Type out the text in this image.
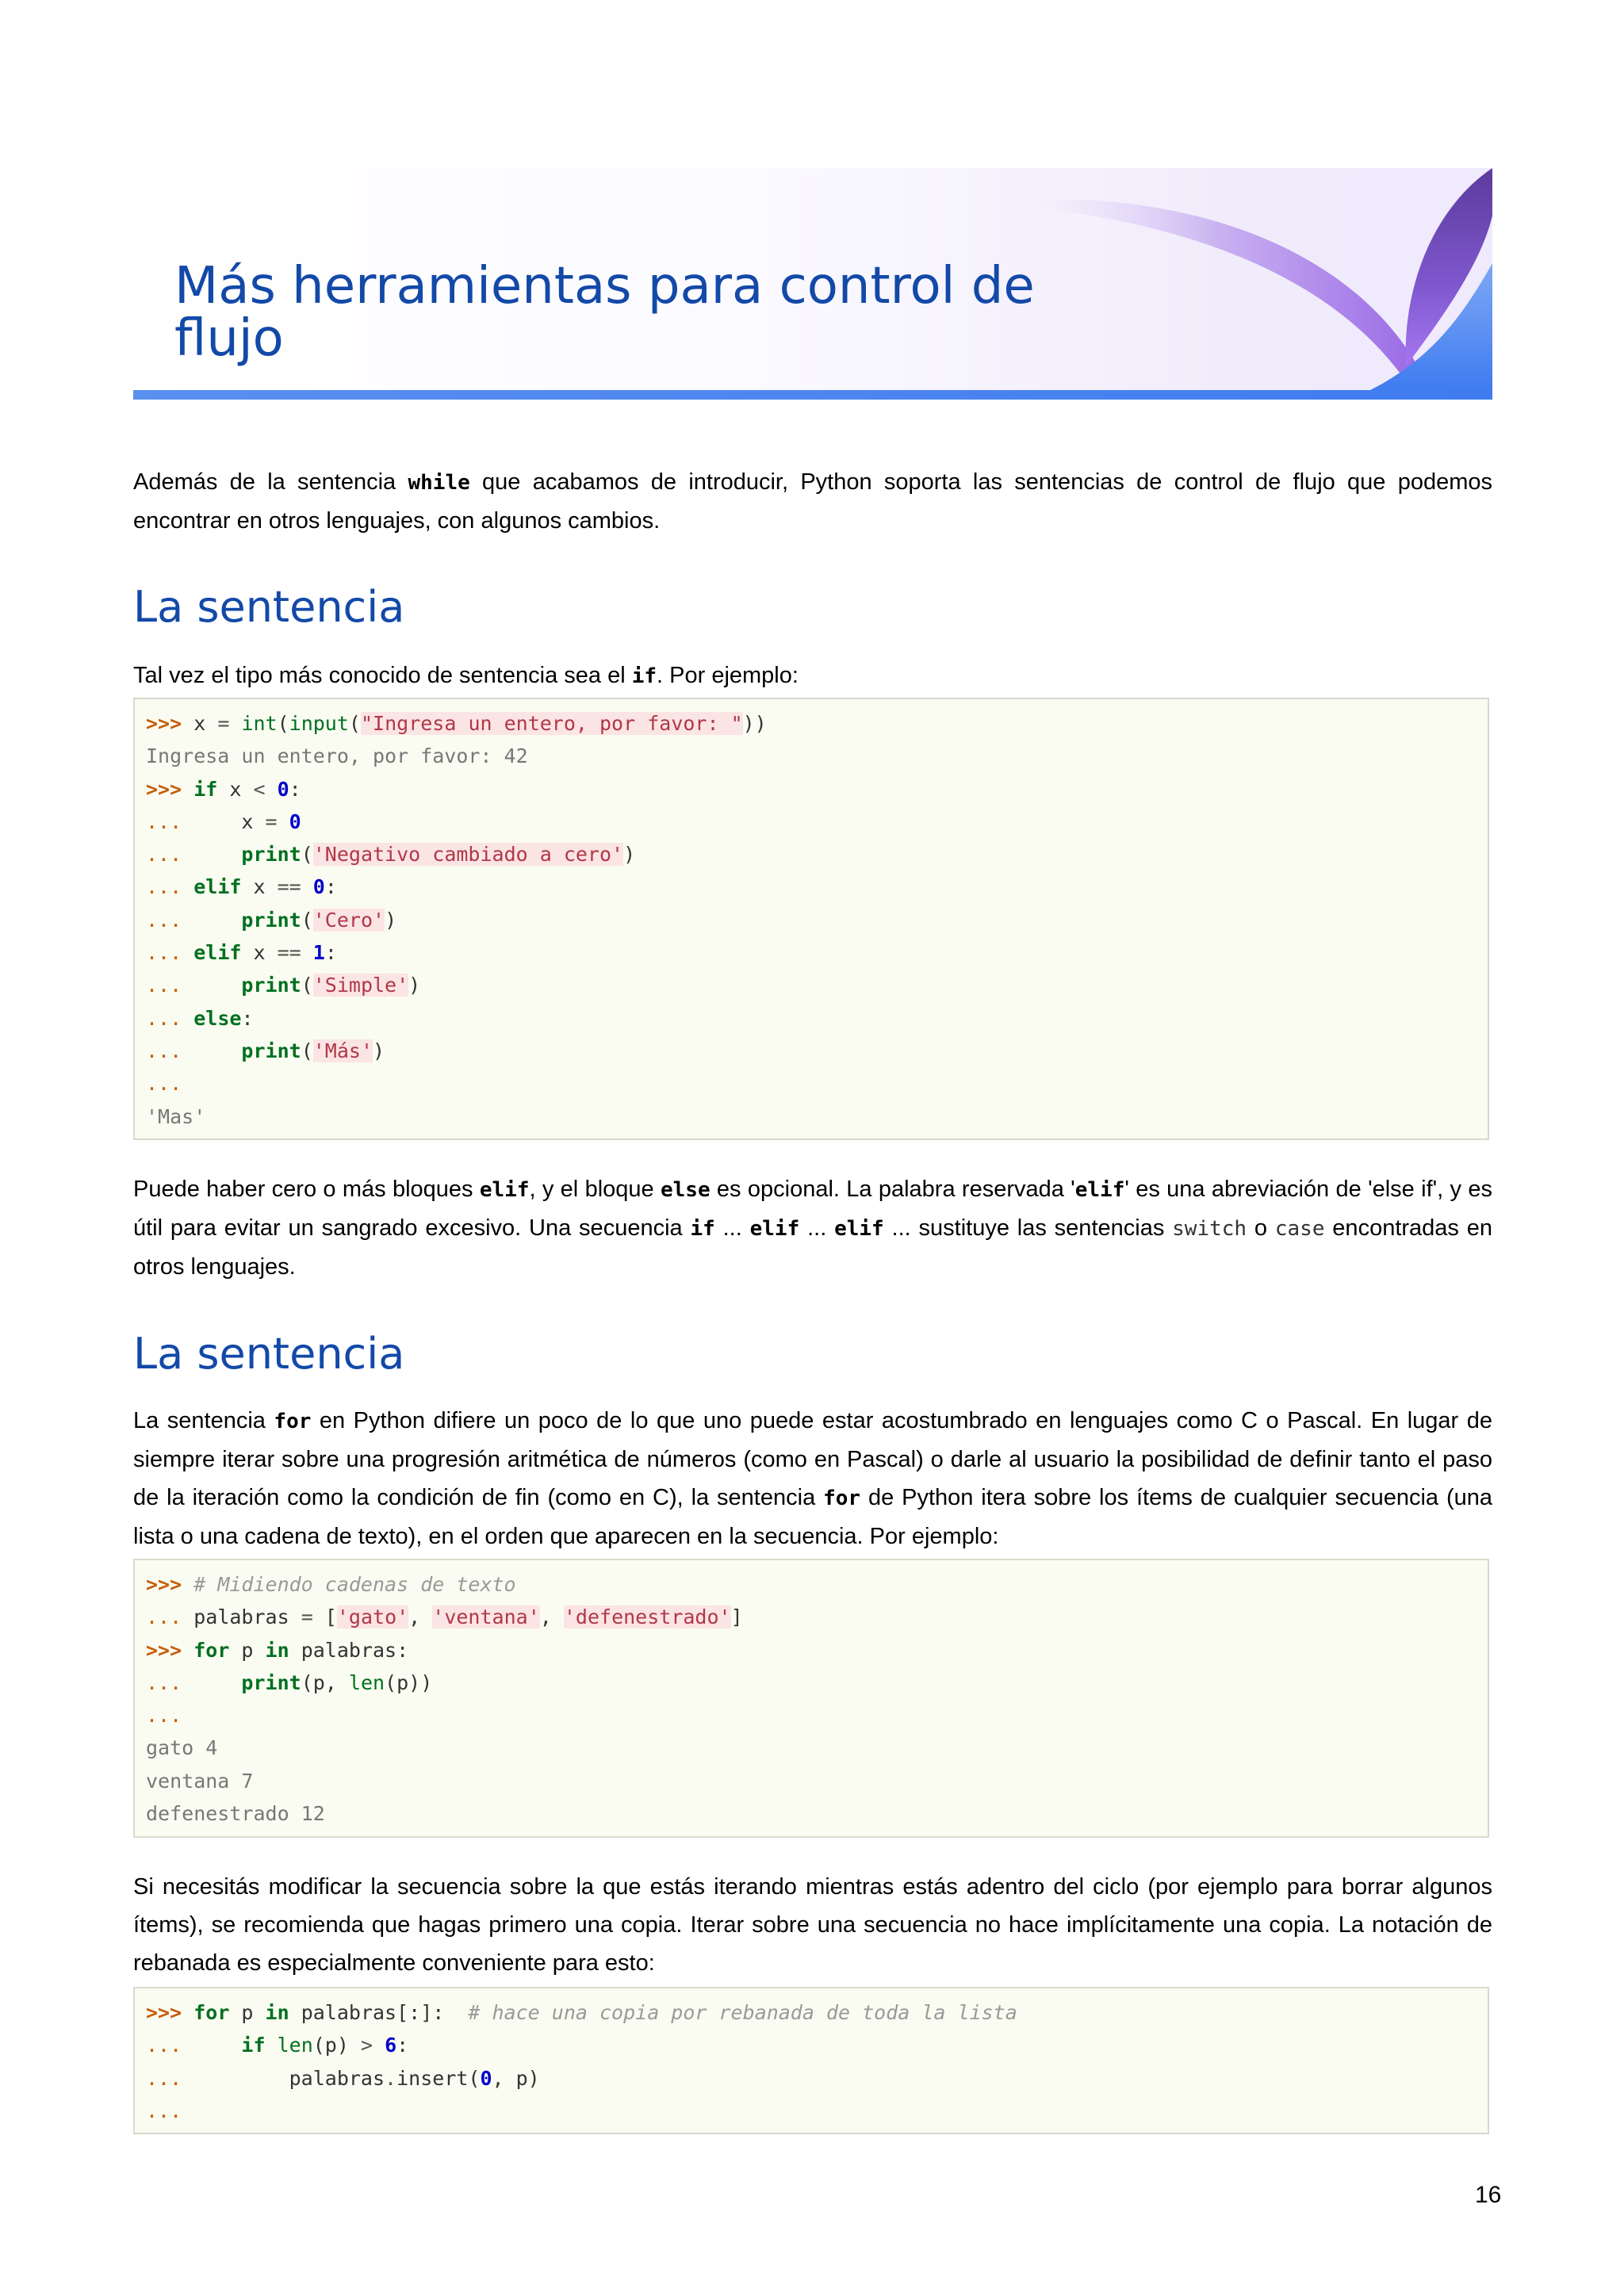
Más herramientas para control de flujo

Además de la sentencia while que acabamos de introducir, Python soporta las sentencias de control de flujo que podemos encontrar en otros lenguajes, con algunos cambios.

La sentencia

Tal vez el tipo más conocido de sentencia sea el if. Por ejemplo:

>>> x = int(input("Ingresa un entero, por favor: "))
Ingresa un entero, por favor: 42
>>> if x < 0:
...     x = 0
...     print('Negativo cambiado a cero')
... elif x == 0:
...     print('Cero')
... elif x == 1:
...     print('Simple')
... else:
...     print('Más')
...
'Mas'

Puede haber cero o más bloques elif, y el bloque else es opcional. La palabra reservada 'elif' es una abreviación de 'else if', y es útil para evitar un sangrado excesivo. Una secuencia if ... elif ... elif ... sustituye las sentencias switch o case encontradas en otros lenguajes.

La sentencia

La sentencia for en Python difiere un poco de lo que uno puede estar acostumbrado en lenguajes como C o Pascal. En lugar de siempre iterar sobre una progresión aritmética de números (como en Pascal) o darle al usuario la posibilidad de definir tanto el paso de la iteración como la condición de fin (como en C), la sentencia for de Python itera sobre los ítems de cualquier secuencia (una lista o una cadena de texto), en el orden que aparecen en la secuencia. Por ejemplo:

>>> # Midiendo cadenas de texto
... palabras = ['gato', 'ventana', 'defenestrado']
>>> for p in palabras:
...     print(p, len(p))
...
gato 4
ventana 7
defenestrado 12

Si necesitás modificar la secuencia sobre la que estás iterando mientras estás adentro del ciclo (por ejemplo para borrar algunos ítems), se recomienda que hagas primero una copia. Iterar sobre una secuencia no hace implícitamente una copia. La notación de rebanada es especialmente conveniente para esto:

>>> for p in palabras[:]:  # hace una copia por rebanada de toda la lista
...     if len(p) > 6:
...         palabras.insert(0, p)
...
16
